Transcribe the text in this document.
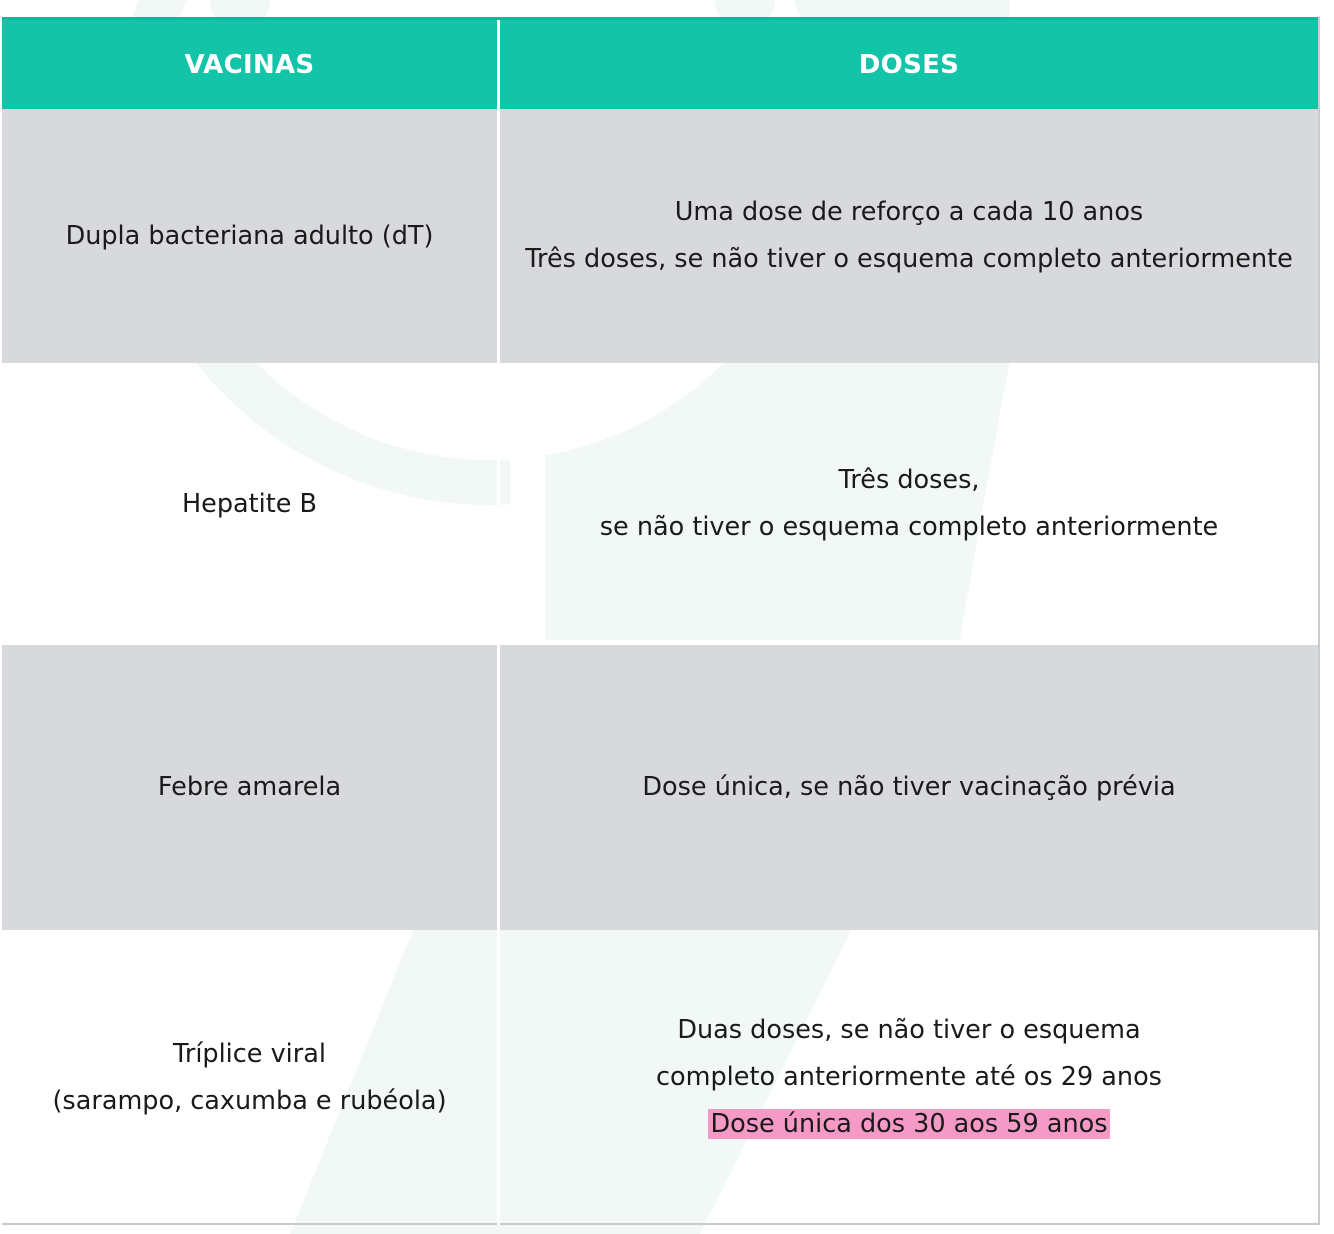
VACINAS	DOSES
Dupla bacteriana adulto (dT)
Uma dose de reforço a cada 10 anos
Três doses, se não tiver o esquema completo anteriormente
Hepatite B
Três doses,
se não tiver o esquema completo anteriormente
Febre amarela	Dose única, se não tiver vacinação prévia
Tríplice viral
(sarampo, caxumba e rubéola)
Duas doses, se não tiver o esquema
completo anteriormente até os 29 anos
Dose única dos 30 aos 59 anos
